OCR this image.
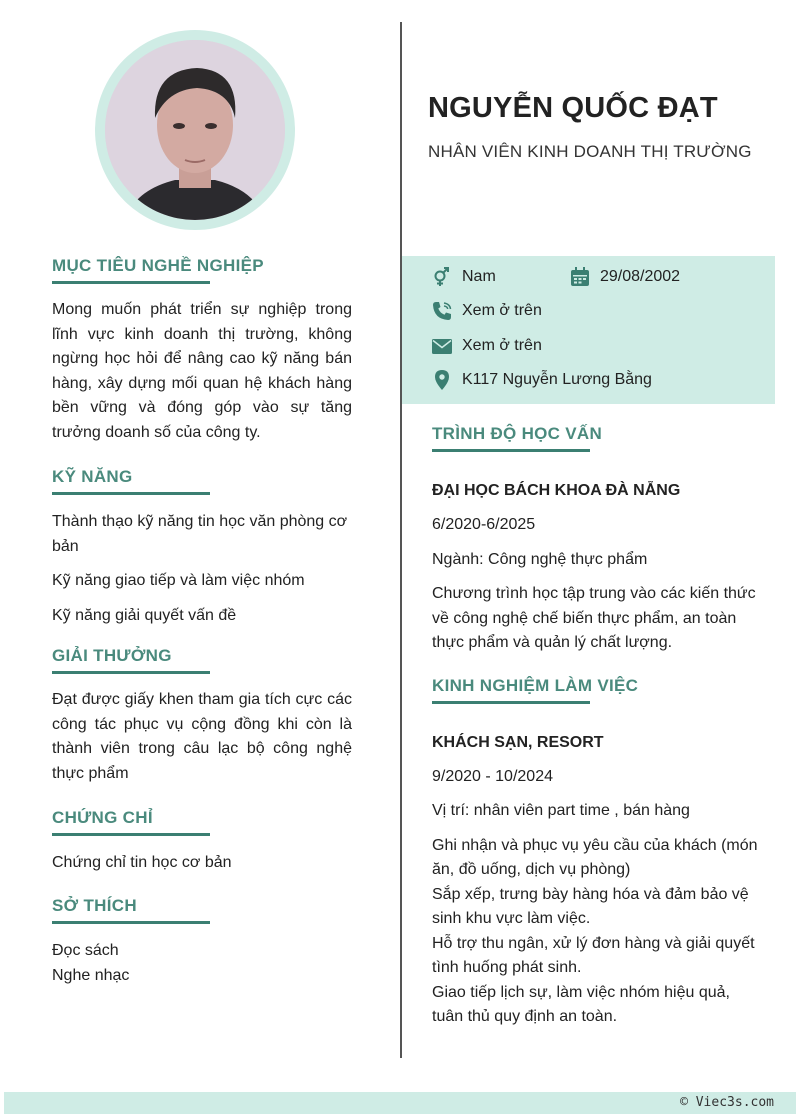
NGUYỄN QUỐC ĐẠT
NHÂN VIÊN KINH DOANH THỊ TRƯỜNG
Nam	29/08/2002
Xem ở trên
Xem ở trên
K117 Nguyễn Lương Bằng
MỤC TIÊU NGHỀ NGHIỆP

Mong muốn phát triển sự nghiệp trong lĩnh vực kinh doanh thị trường, không ngừng học hỏi để nâng cao kỹ năng bán hàng, xây dựng mối quan hệ khách hàng bền vững và đóng góp vào sự tăng trưởng doanh số của công ty.

KỸ NĂNG

Thành thạo kỹ năng tin học văn phòng cơ bản

Kỹ năng giao tiếp và làm việc nhóm

Kỹ năng giải quyết vấn đề

GIẢI THƯỞNG

Đạt được giấy khen tham gia tích cực các công tác phục vụ cộng đồng khi còn là thành viên trong câu lạc bộ công nghệ thực phẩm

CHỨNG CHỈ

Chứng chỉ tin học cơ bản

SỞ THÍCH

Đọc sách

Nghe nhạc

TRÌNH ĐỘ HỌC VẤN

ĐẠI HỌC BÁCH KHOA ĐÀ NẴNG

6/2020-6/2025

Ngành: Công nghệ thực phẩm

Chương trình học tập trung vào các kiến thức về công nghệ chế biến thực phẩm, an toàn thực phẩm và quản lý chất lượng.

KINH NGHIỆM LÀM VIỆC

KHÁCH SẠN, RESORT

9/2020 - 10/2024

Vị trí: nhân viên part time , bán hàng

Ghi nhận và phục vụ yêu cầu của khách (món ăn, đồ uống, dịch vụ phòng)

Sắp xếp, trưng bày hàng hóa và đảm bảo vệ sinh khu vực làm việc.

Hỗ trợ thu ngân, xử lý đơn hàng và giải quyết tình huống phát sinh.

Giao tiếp lịch sự, làm việc nhóm hiệu quả, tuân thủ quy định an toàn.

© Viec3s.com
